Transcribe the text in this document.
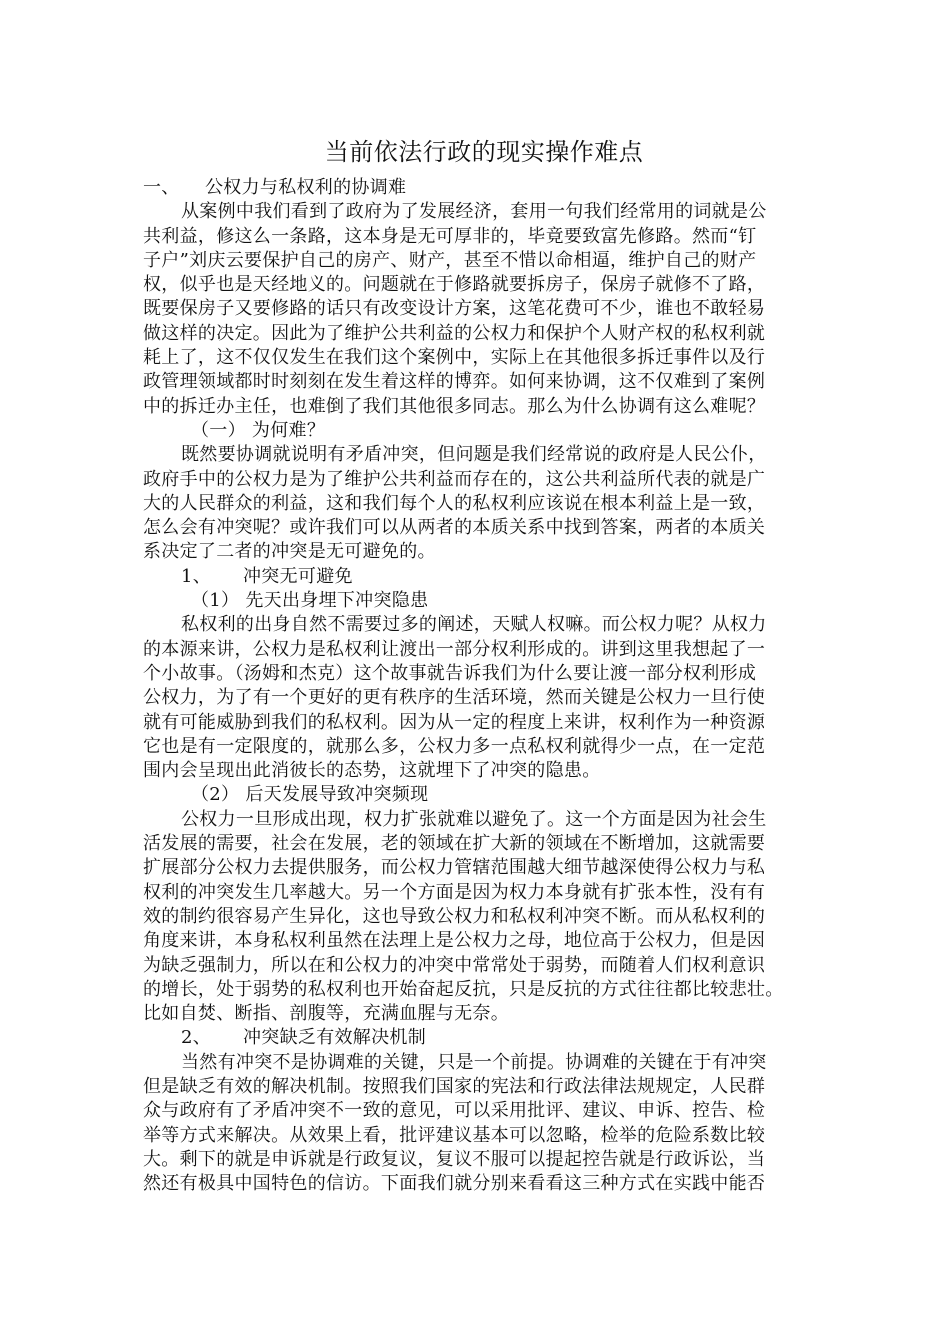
当前依法行政的现实操作难点

一、 公权力与私权利的协调难

从案例中我们看到了政府为了发展经济，套用一句我们经常用的词就是公

共利益，修这么一条路，这本身是无可厚非的，毕竟要致富先修路。然而“钉

子户”刘庆云要保护自己的房产、财产，甚至不惜以命相逼，维护自己的财产

权，似乎也是天经地义的。问题就在于修路就要拆房子，保房子就修不了路，

既要保房子又要修路的话只有改变设计方案，这笔花费可不少，谁也不敢轻易

做这样的决定。因此为了维护公共利益的公权力和保护个人财产权的私权利就

耗上了，这不仅仅发生在我们这个案例中，实际上在其他很多拆迁事件以及行

政管理领域都时时刻刻在发生着这样的博弈。如何来协调，这不仅难到了案例

中的拆迁办主任，也难倒了我们其他很多同志。那么为什么协调有这么难呢？

（一） 为何难？

既然要协调就说明有矛盾冲突，但问题是我们经常说的政府是人民公仆，

政府手中的公权力是为了维护公共利益而存在的，这公共利益所代表的就是广

大的人民群众的利益，这和我们每个人的私权利应该说在根本利益上是一致，

怎么会有冲突呢？或许我们可以从两者的本质关系中找到答案，两者的本质关

系决定了二者的冲突是无可避免的。

1、 冲突无可避免

（1） 先天出身埋下冲突隐患

私权利的出身自然不需要过多的阐述，天赋人权嘛。而公权力呢？从权力

的本源来讲，公权力是私权利让渡出一部分权利形成的。讲到这里我想起了一

个小故事。（汤姆和杰克）这个故事就告诉我们为什么要让渡一部分权利形成

公权力，为了有一个更好的更有秩序的生活环境，然而关键是公权力一旦行使

就有可能威胁到我们的私权利。因为从一定的程度上来讲，权利作为一种资源

它也是有一定限度的，就那么多，公权力多一点私权利就得少一点，在一定范

围内会呈现出此消彼长的态势，这就埋下了冲突的隐患。

（2） 后天发展导致冲突频现

公权力一旦形成出现，权力扩张就难以避免了。这一个方面是因为社会生

活发展的需要，社会在发展，老的领域在扩大新的领域在不断增加，这就需要

扩展部分公权力去提供服务，而公权力管辖范围越大细节越深使得公权力与私

权利的冲突发生几率越大。另一个方面是因为权力本身就有扩张本性，没有有

效的制约很容易产生异化，这也导致公权力和私权利冲突不断。而从私权利的

角度来讲，本身私权利虽然在法理上是公权力之母，地位高于公权力，但是因

为缺乏强制力，所以在和公权力的冲突中常常处于弱势，而随着人们权利意识

的增长，处于弱势的私权利也开始奋起反抗，只是反抗的方式往往都比较悲壮。

比如自焚、断指、剖腹等，充满血腥与无奈。

2、 冲突缺乏有效解决机制

当然有冲突不是协调难的关键，只是一个前提。协调难的关键在于有冲突

但是缺乏有效的解决机制。按照我们国家的宪法和行政法律法规规定，人民群

众与政府有了矛盾冲突不一致的意见，可以采用批评、建议、申诉、控告、检

举等方式来解决。从效果上看，批评建议基本可以忽略，检举的危险系数比较

大。剩下的就是申诉就是行政复议，复议不服可以提起控告就是行政诉讼，当

然还有极具中国特色的信访。下面我们就分别来看看这三种方式在实践中能否
